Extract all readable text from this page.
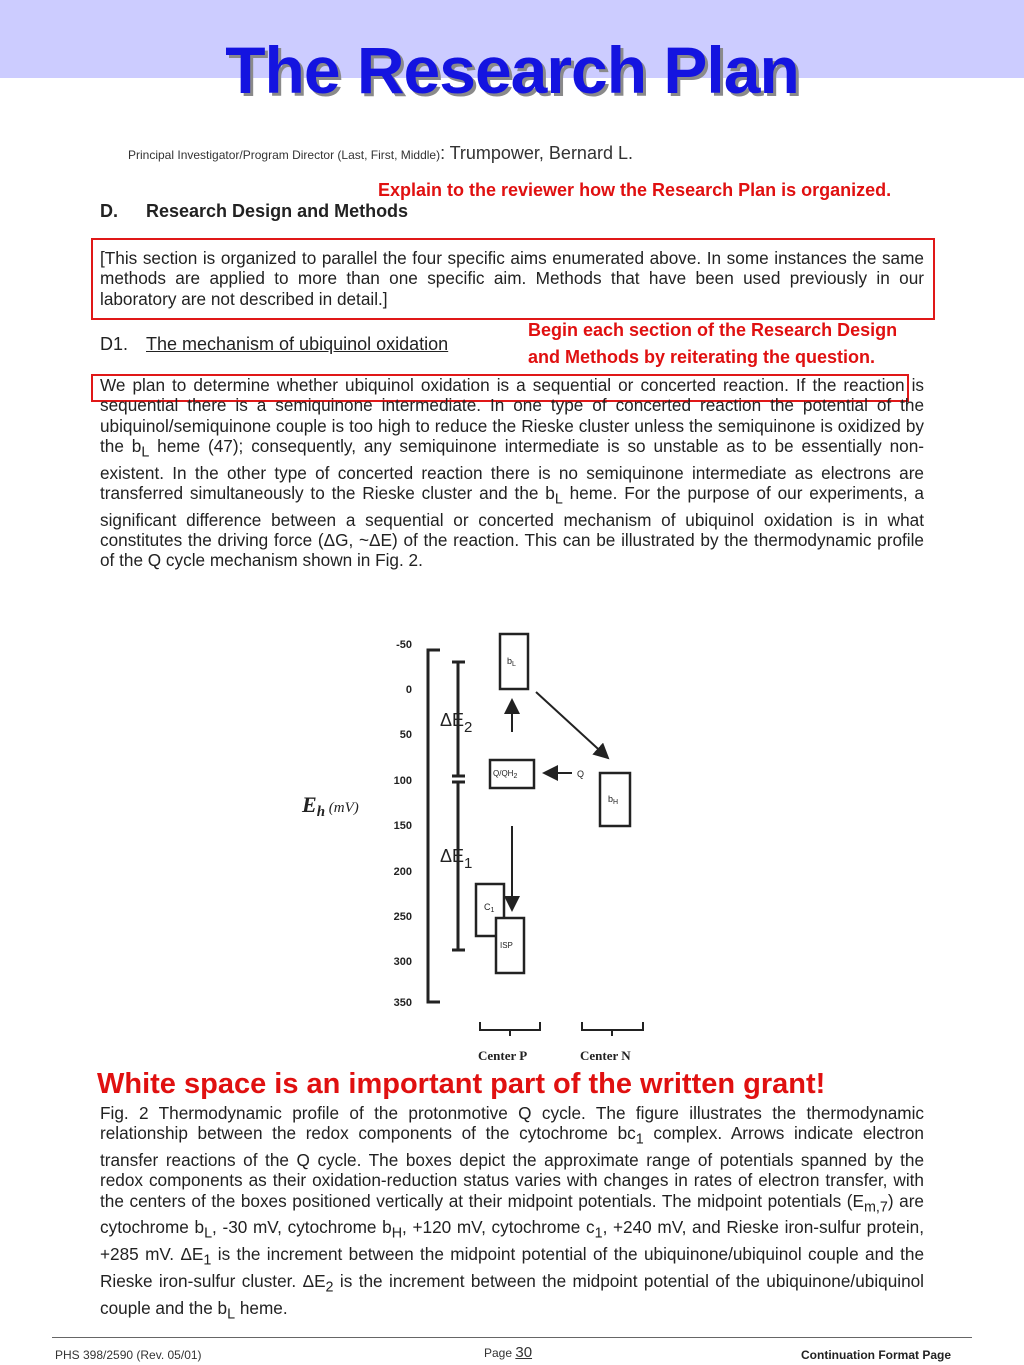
The Research Plan
Principal Investigator/Program Director (Last, First, Middle): Trumpower, Bernard L.
Explain to the reviewer how the Research Plan is organized.
D. Research Design and Methods

[This section is organized to parallel the four specific aims enumerated above. In some instances the same methods are applied to more than one specific aim. Methods that have been used previously in our laboratory are not described in detail.]

Begin each section of the Research Design
and Methods by reiterating the question.
D1. The mechanism of ubiquinol oxidation

We plan to determine whether ubiquinol oxidation is a sequential or concerted reaction. If the reaction is sequential there is a semiquinone intermediate. In one type of concerted reaction the potential of the ubiquinol/semiquinone couple is too high to reduce the Rieske cluster unless the semiquinone is oxidized by the $b_L$ heme (47); consequently, any semiquinone intermediate is so unstable as to be essentially non-existent. In the other type of concerted reaction there is no semiquinone intermediate as electrons are transferred simultaneously to the Rieske cluster and the $b_L$ heme. For the purpose of our experiments, a significant difference between a sequential or concerted mechanism of ubiquinol oxidation is in what constitutes the driving force (ΔG, ~ΔE) of the reaction. This can be illustrated by the thermodynamic profile of the Q cycle mechanism shown in Fig. 2.

-50
0
50
100
150
200
250
300
350
Eh (mV)
ΔE2
ΔE1
$b_L$
Q/QH2	Q
$b_H$
$C_1$
ISP
Center P	Center N
White space is an important part of the written grant!

Fig. 2 Thermodynamic profile of the protonmotive Q cycle. The figure illustrates the thermodynamic relationship between the redox components of the cytochrome $bc_1$ complex. Arrows indicate electron transfer reactions of the Q cycle. The boxes depict the approximate range of potentials spanned by the redox components as their oxidation-reduction status varies with changes in rates of electron transfer, with the centers of the boxes positioned vertically at their midpoint potentials. The midpoint potentials $(E_{m,7})$ are cytochrome $b_L$, -30 mV, cytochrome $b_H$, +120 mV, cytochrome $c_1$, +240 mV, and Rieske iron-sulfur protein, +285 mV. $\Delta E_1$ is the increment between the midpoint potential of the ubiquinone/ubiquinol couple and the Rieske iron-sulfur cluster. $\Delta E_2$ is the increment between the midpoint potential of the ubiquinone/ubiquinol couple and the $b_L$ heme.

PHS 398/2590 (Rev. 05/01)	Page 30	Continuation Format Page
